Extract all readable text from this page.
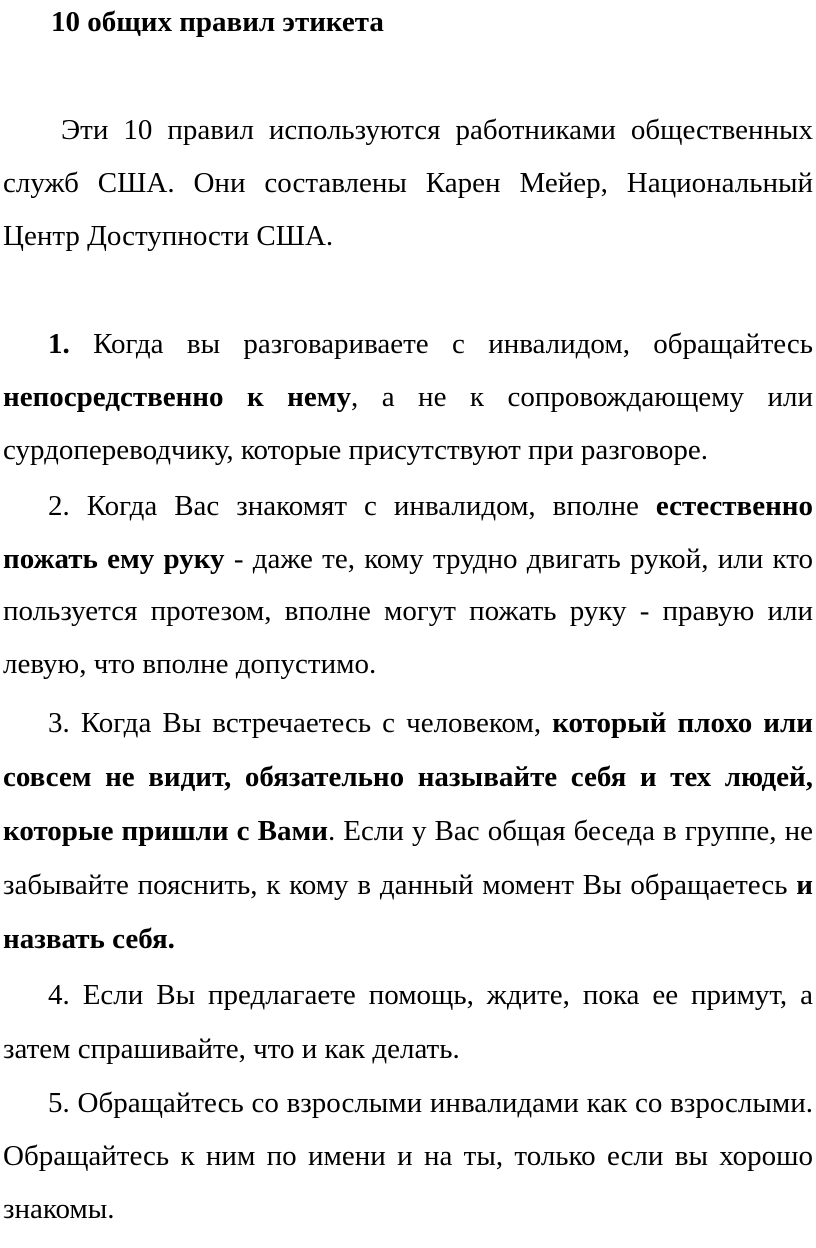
10 общих правил этикета

Эти 10 правил используются работниками общественных служб США. Они составлены Карен Мейер, Национальный Центр Доступности США.

1. Когда вы разговариваете с инвалидом, обращайтесь непосредственно к нему, а не к сопровождающему или сурдопереводчику, которые присутствуют при разговоре.

2. Когда Вас знакомят с инвалидом, вполне естественно пожать ему руку - даже те, кому трудно двигать рукой, или кто пользуется протезом, вполне могут пожать руку - правую или левую, что вполне допустимо.

3. Когда Вы встречаетесь с человеком, который плохо или совсем не видит, обязательно называйте себя и тех людей, которые пришли с Вами. Если у Вас общая беседа в группе, не забывайте пояснить, к кому в данный момент Вы обращаетесь и назвать себя.

4. Если Вы предлагаете помощь, ждите, пока ее примут, а затем спрашивайте, что и как делать.

5. Обращайтесь со взрослыми инвалидами как со взрослыми. Обращайтесь к ним по имени и на ты, только если вы хорошо знакомы.
